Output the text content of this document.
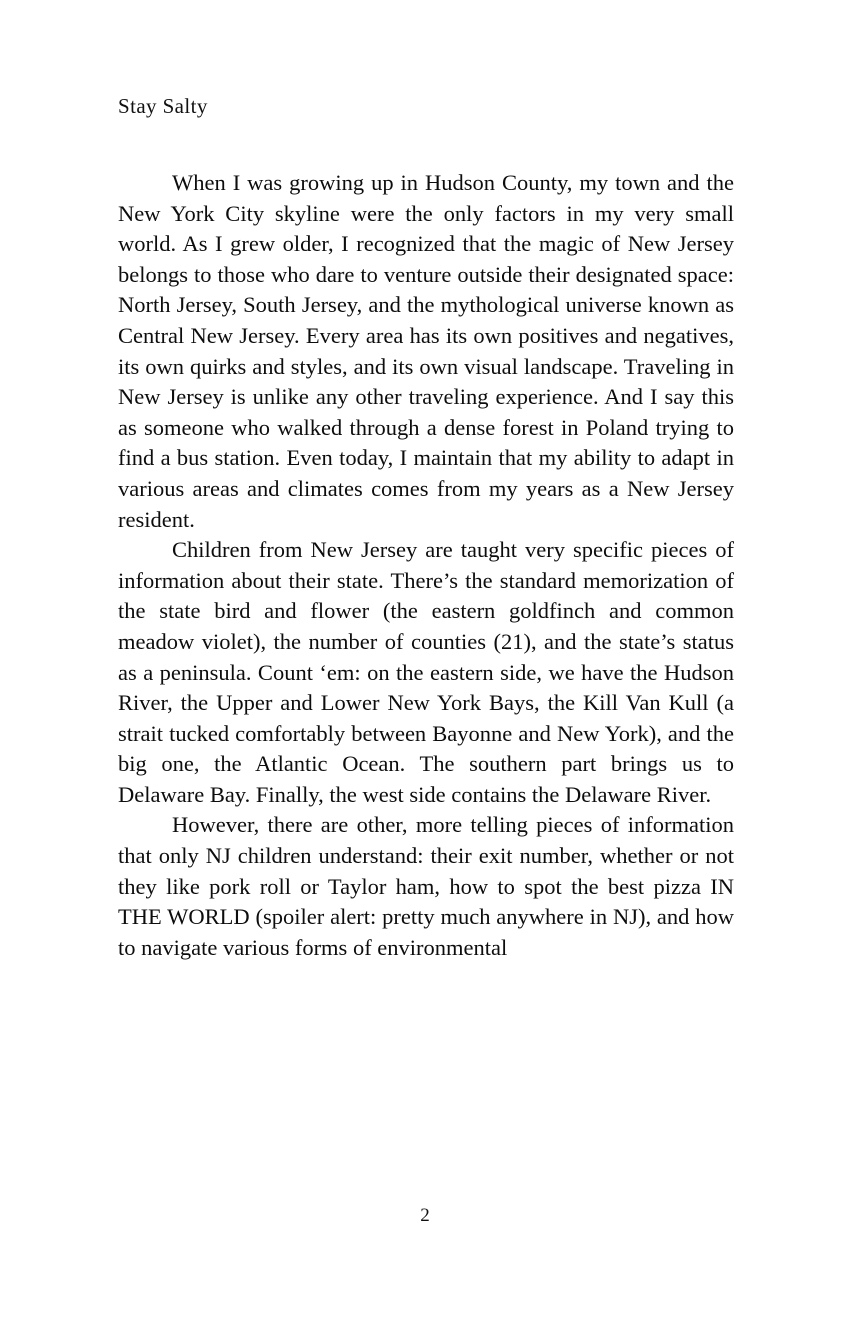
Stay Salty

When I was growing up in Hudson County, my town and the New York City skyline were the only factors in my very small world. As I grew older, I recognized that the magic of New Jersey belongs to those who dare to venture outside their designated space: North Jersey, South Jersey, and the mythological universe known as Central New Jersey. Every area has its own positives and negatives, its own quirks and styles, and its own visual landscape. Traveling in New Jersey is unlike any other traveling experience. And I say this as someone who walked through a dense forest in Poland trying to find a bus station. Even today, I maintain that my ability to adapt in various areas and climates comes from my years as a New Jersey resident.

Children from New Jersey are taught very specific pieces of information about their state. There’s the standard memorization of the state bird and flower (the eastern goldfinch and common meadow violet), the number of counties (21), and the state’s status as a peninsula. Count ‘em: on the eastern side, we have the Hudson River, the Upper and Lower New York Bays, the Kill Van Kull (a strait tucked comfortably between Bayonne and New York), and the big one, the Atlantic Ocean. The southern part brings us to Delaware Bay. Finally, the west side contains the Delaware River.

However, there are other, more telling pieces of information that only NJ children understand: their exit number, whether or not they like pork roll or Taylor ham, how to spot the best pizza IN THE WORLD (spoiler alert: pretty much anywhere in NJ), and how to navigate various forms of environmental

2
